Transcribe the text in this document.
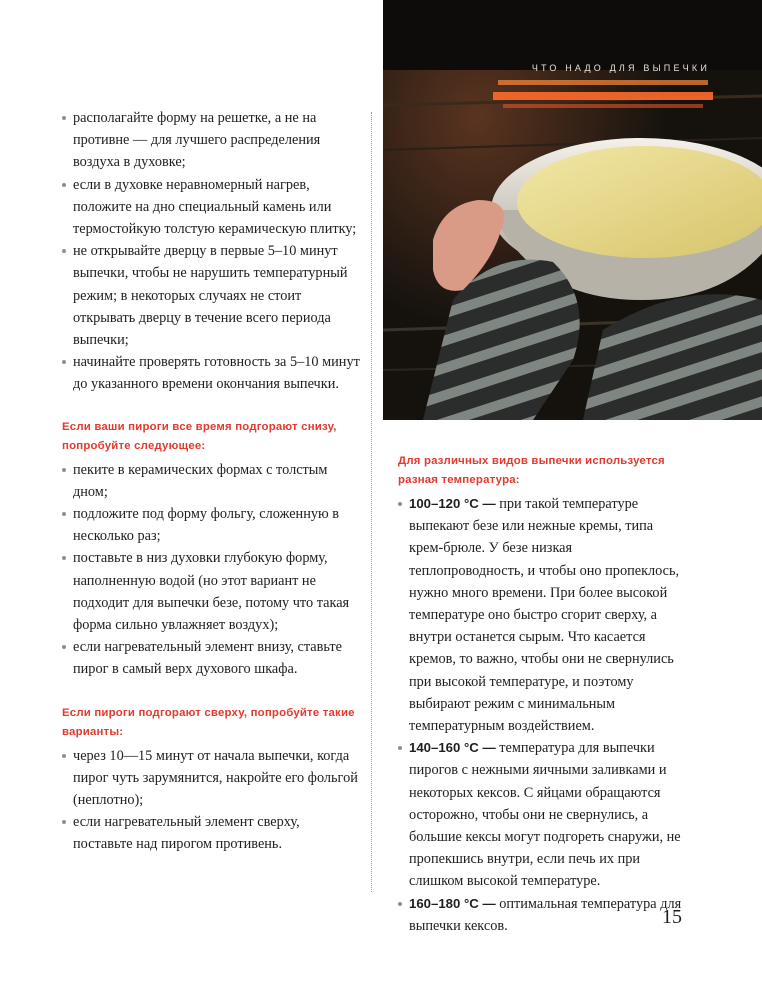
ЧТО НАДО ДЛЯ ВЫПЕЧКИ
располагайте форму на решетке, а не на противне — для лучшего распределения воздуха в духовке;
если в духовке неравномерный нагрев, положите на дно специальный камень или термостойкую толстую керамическую плитку;
не открывайте дверцу в первые 5–10 минут выпечки, чтобы не нарушить температурный режим; в некоторых случаях не стоит открывать дверцу в течение всего периода выпечки;
начинайте проверять готовность за 5–10 минут до указанного времени окончания выпечки.

Если ваши пироги все время подгорают снизу, попробуйте следующее:

пеките в керамических формах с толстым дном;
подложите под форму фольгу, сложенную в несколько раз;
поставьте в низ духовки глубокую форму, наполненную водой (но этот вариант не подходит для выпечки безе, потому что такая форма сильно увлажняет воздух);
если нагревательный элемент внизу, ставьте пирог в самый верх духового шкафа.

Если пироги подгорают сверху, попробуйте такие варианты:

через 10—15 минут от начала выпечки, когда пирог чуть зарумянится, накройте его фольгой (неплотно);
если нагревательный элемент сверху, поставьте над пирогом противень.

Для различных видов выпечки используется разная температура:

100–120 °С — при такой температуре выпекают безе или нежные кремы, типа крем-брюле. У безе низкая теплопроводность, и чтобы оно пропеклось, нужно много времени. При более высокой температуре оно быстро сгорит сверху, а внутри останется сырым. Что касается кремов, то важно, чтобы они не свернулись при высокой температуре, и поэтому выбирают режим с минимальным температурным воздействием.
140–160 °С — температура для выпечки пирогов с нежными яичными заливками и некоторых кексов. С яйцами обращаются осторожно, чтобы они не свернулись, а большие кексы могут подгореть снаружи, не пропекшись внутри, если печь их при слишком высокой температуре.
160–180 °С — оптимальная температура для выпечки кексов.	15
